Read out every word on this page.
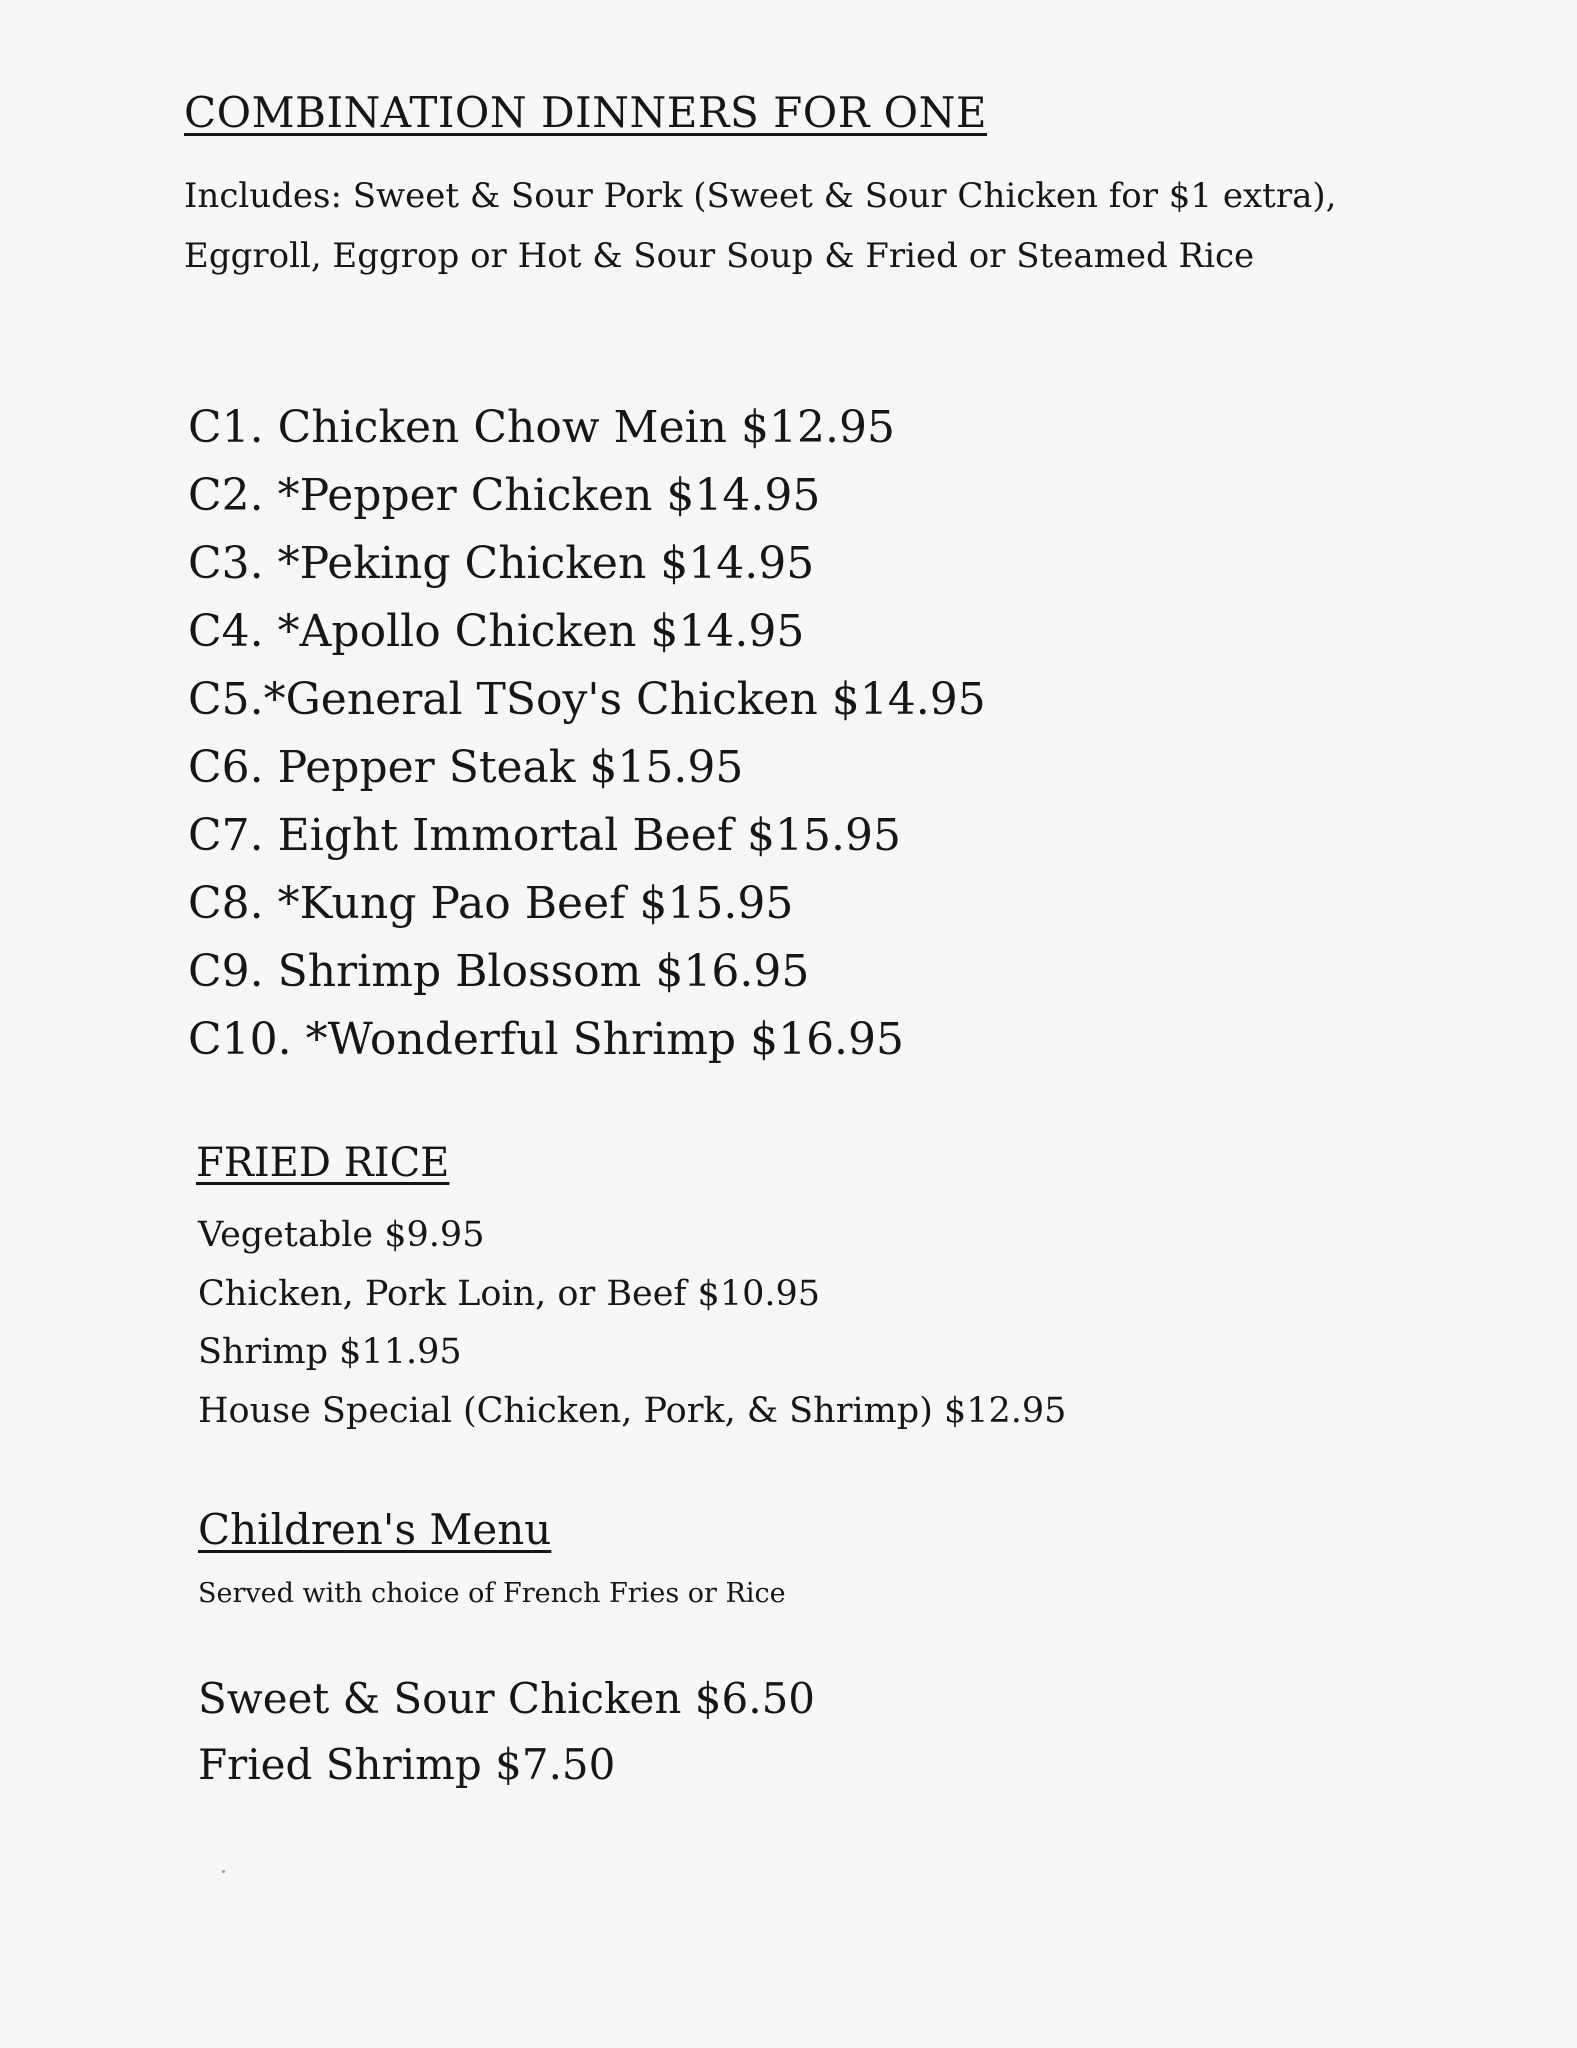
COMBINATION DINNERS FOR ONE

Includes: Sweet & Sour Pork (Sweet & Sour Chicken for $1 extra),

Eggroll, Eggrop or Hot & Sour Soup & Fried or Steamed Rice

C1. Chicken Chow Mein $12.95
C2. *Pepper Chicken $14.95
C3. *Peking Chicken $14.95
C4. *Apollo Chicken $14.95
C5.*General TSoy's Chicken $14.95
C6. Pepper Steak $15.95
C7. Eight Immortal Beef $15.95
C8. *Kung Pao Beef $15.95
C9. Shrimp Blossom $16.95
C10. *Wonderful Shrimp $16.95
FRIED RICE
Vegetable $9.95
Chicken, Pork Loin, or Beef $10.95
Shrimp $11.95
House Special (Chicken, Pork, & Shrimp) $12.95
Children's Menu

Served with choice of French Fries or Rice

Sweet & Sour Chicken $6.50
Fried Shrimp $7.50
